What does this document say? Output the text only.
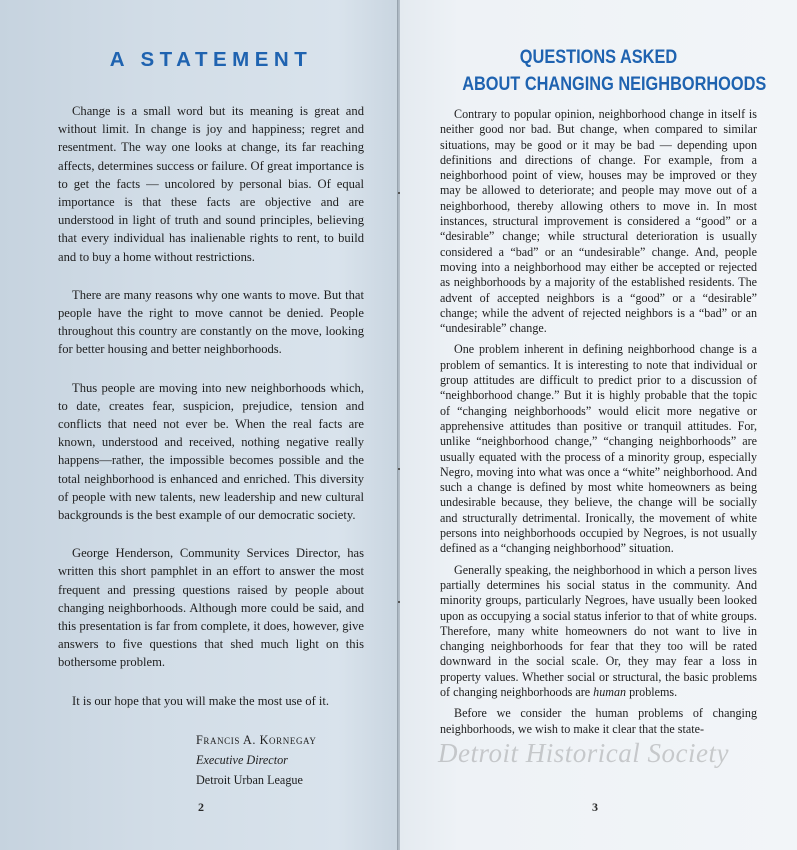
A STATEMENT

Change is a small word but its meaning is great and without limit. In change is joy and happiness; regret and resentment. The way one looks at change, its far reaching affects, determines success or failure. Of great importance is to get the facts — uncolored by personal bias. Of equal importance is that these facts are objective and are understood in light of truth and sound principles, believing that every individual has inalienable rights to rent, to build and to buy a home without restrictions.

There are many reasons why one wants to move. But that people have the right to move cannot be denied. People throughout this country are constantly on the move, looking for better housing and better neighborhoods.

Thus people are moving into new neighborhoods which, to date, creates fear, suspicion, prejudice, tension and conflicts that need not ever be. When the real facts are known, understood and received, nothing negative really happens—rather, the impossible becomes possible and the total neighborhood is enhanced and enriched. This diversity of people with new talents, new leadership and new cultural backgrounds is the best example of our democratic society.

George Henderson, Community Services Director, has written this short pamphlet in an effort to answer the most frequent and pressing questions raised by people about changing neighborhoods. Although more could be said, and this presentation is far from complete, it does, however, give answers to five questions that shed much light on this bothersome problem.

It is our hope that you will make the most use of it.

Francis A. Kornegay
Executive Director
Detroit Urban League
2
QUESTIONS ASKED
ABOUT CHANGING NEIGHBORHOODS

Contrary to popular opinion, neighborhood change in itself is neither good nor bad. But change, when compared to similar situations, may be good or it may be bad — depending upon definitions and directions of change. For example, from a neighborhood point of view, houses may be improved or they may be allowed to deteriorate; and people may move out of a neighborhood, thereby allowing others to move in. In most instances, structural improvement is considered a “good” or a “desirable” change; while structural deterioration is usually considered a “bad” or an “undesirable” change. And, people moving into a neighborhood may either be accepted or rejected as neighborhoods by a majority of the established residents. The advent of accepted neighbors is a “good” or a “desirable” change; while the advent of rejected neighbors is a “bad” or an “undesirable” change.

One problem inherent in defining neighborhood change is a problem of semantics. It is interesting to note that individual or group attitudes are difficult to predict prior to a discussion of “neighborhood change.” But it is highly probable that the topic of “changing neighborhoods” would elicit more negative or apprehensive attitudes than positive or tranquil attitudes. For, unlike “neighborhood change,” “changing neighborhoods” are usually equated with the process of a minority group, especially Negro, moving into what was once a “white” neighborhood. And such a change is defined by most white homeowners as being undesirable because, they believe, the change will be socially and structurally detrimental. Ironically, the movement of white persons into neighborhoods occupied by Negroes, is not usually defined as a “changing neighborhood” situation.

Generally speaking, the neighborhood in which a person lives partially determines his social status in the community. And minority groups, particularly Negroes, have usually been looked upon as occupying a social status inferior to that of white groups. Therefore, many white homeowners do not want to live in changing neighborhoods for fear that they too will be rated downward in the social scale. Or, they may fear a loss in property values. Whether social or structural, the basic problems of changing neighborhoods are human problems.

Before we consider the human problems of changing neighborhoods, we wish to make it clear that the state-

3
Detroit Historical Society
